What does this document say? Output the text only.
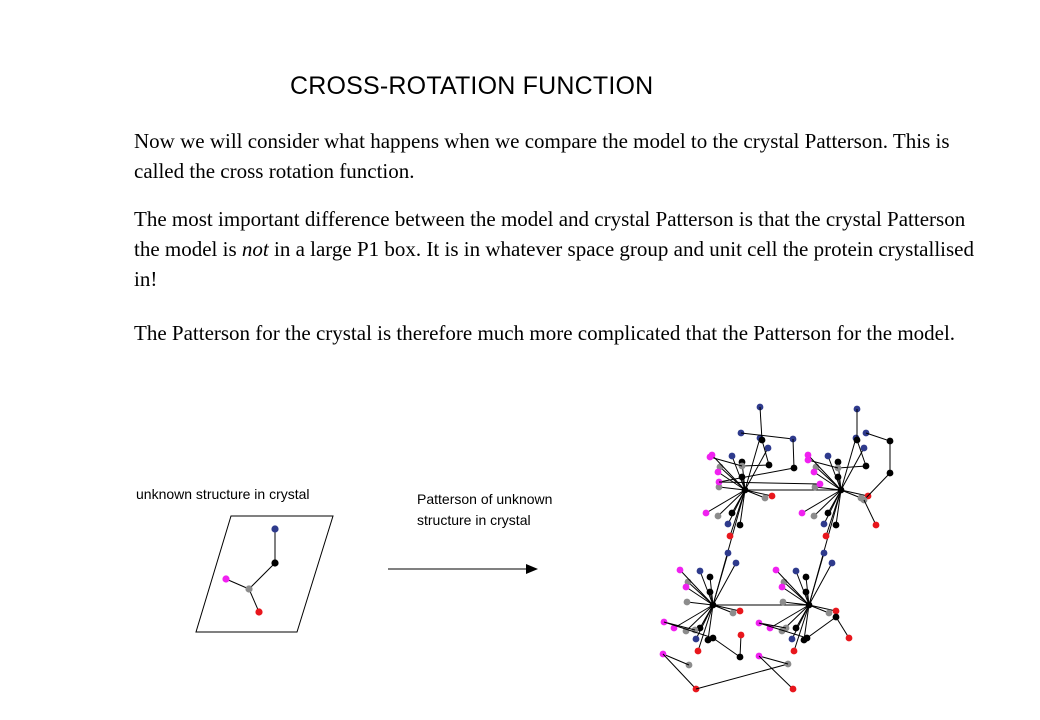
CROSS-ROTATION FUNCTION
Now we will consider what happens when we compare the model to the crystal Patterson. This is called the cross rotation function.
The most important difference between the model and crystal Patterson is that the crystal Patterson the model is not in a large P1 box. It is in whatever space group and unit cell the protein crystallised in!
The Patterson for the crystal is therefore much more complicated that the Patterson for the model.
unknown structure in crystal	Patterson of unknown
structure in crystal
